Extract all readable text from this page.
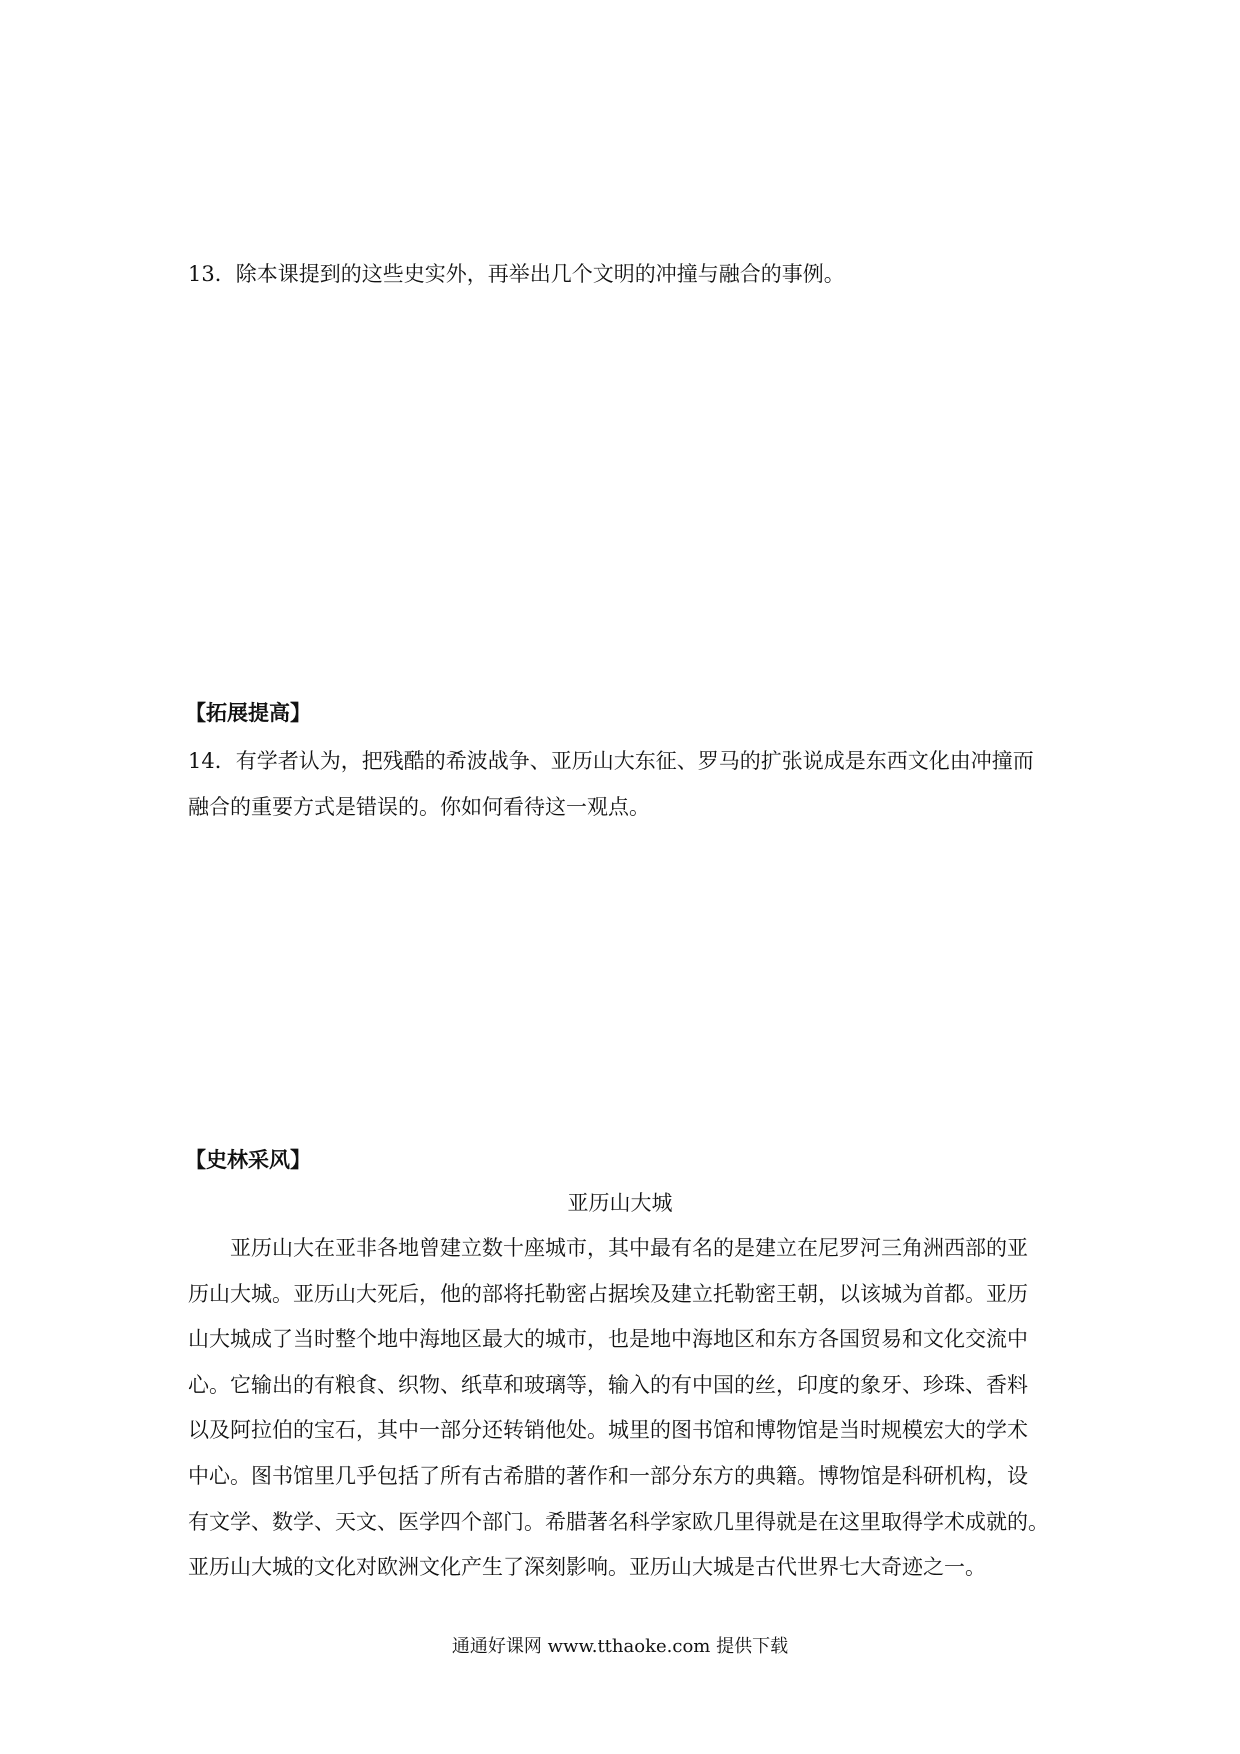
13．除本课提到的这些史实外，再举出几个文明的冲撞与融合的事例。
【拓展提高】
14．有学者认为，把残酷的希波战争、亚历山大东征、罗马的扩张说成是东西文化由冲撞而
融合的重要方式是错误的。你如何看待这一观点。
【史林采风】
亚历山大城
　　亚历山大在亚非各地曾建立数十座城市，其中最有名的是建立在尼罗河三角洲西部的亚
历山大城。亚历山大死后，他的部将托勒密占据埃及建立托勒密王朝，以该城为首都。亚历
山大城成了当时整个地中海地区最大的城市，也是地中海地区和东方各国贸易和文化交流中
心。它输出的有粮食、织物、纸草和玻璃等，输入的有中国的丝，印度的象牙、珍珠、香料
以及阿拉伯的宝石，其中一部分还转销他处。城里的图书馆和博物馆是当时规模宏大的学术
中心。图书馆里几乎包括了所有古希腊的著作和一部分东方的典籍。博物馆是科研机构，设
有文学、数学、天文、医学四个部门。希腊著名科学家欧几里得就是在这里取得学术成就的。
亚历山大城的文化对欧洲文化产生了深刻影响。亚历山大城是古代世界七大奇迹之一。
通通好课网 www.tthaoke.com 提供下载
